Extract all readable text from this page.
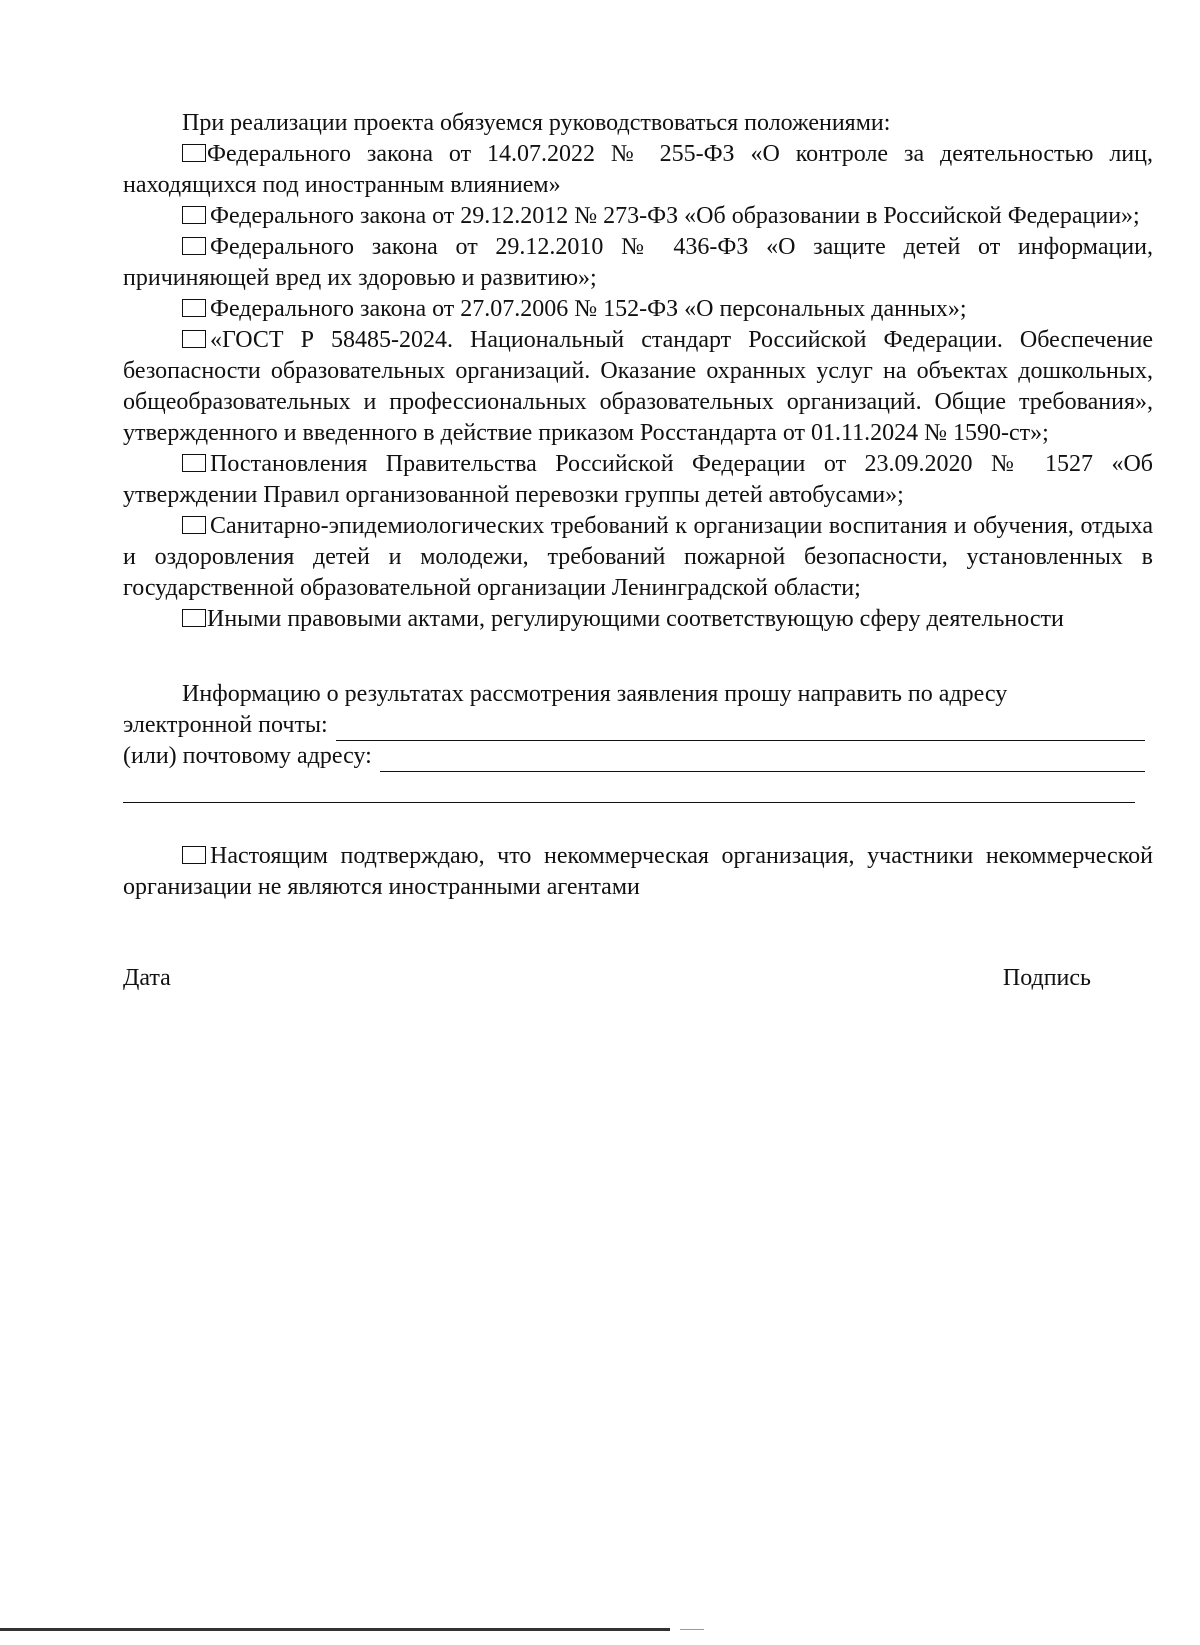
При реализации проекта обязуемся руководствоваться положениями:

Федерального закона от 14.07.2022 № 255-ФЗ «О контроле за деятельностью лиц, находящихся под иностранным влиянием»

Федерального закона от 29.12.2012 № 273-ФЗ «Об образовании в Российской Федерации»;

Федерального закона от 29.12.2010 № 436-ФЗ «О защите детей от информации, причиняющей вред их здоровью и развитию»;

Федерального закона от 27.07.2006 № 152-ФЗ «О персональных данных»;

«ГОСТ Р 58485-2024. Национальный стандарт Российской Федерации. Обеспечение безопасности образовательных организаций. Оказание охранных услуг на объектах дошкольных, общеобразовательных и профессиональных образовательных организаций. Общие требования», утвержденного и введенного в действие приказом Росстандарта от 01.11.2024 № 1590-ст»;

Постановления Правительства Российской Федерации от 23.09.2020 № 1527 «Об утверждении Правил организованной перевозки группы детей автобусами»;

Санитарно-эпидемиологических требований к организации воспитания и обучения, отдыха и оздоровления детей и молодежи, требований пожарной безопасности, установленных в государственной образовательной организации Ленинградской области;

Иными правовыми актами, регулирующими соответствующую сферу деятельности

Информацию о результатах рассмотрения заявления прошу направить по адресу

электронной почты:
(или) почтовому адресу:

Настоящим подтверждаю, что некоммерческая организация, участники некоммерческой организации не являются иностранными агентами

Дата	Подпись
